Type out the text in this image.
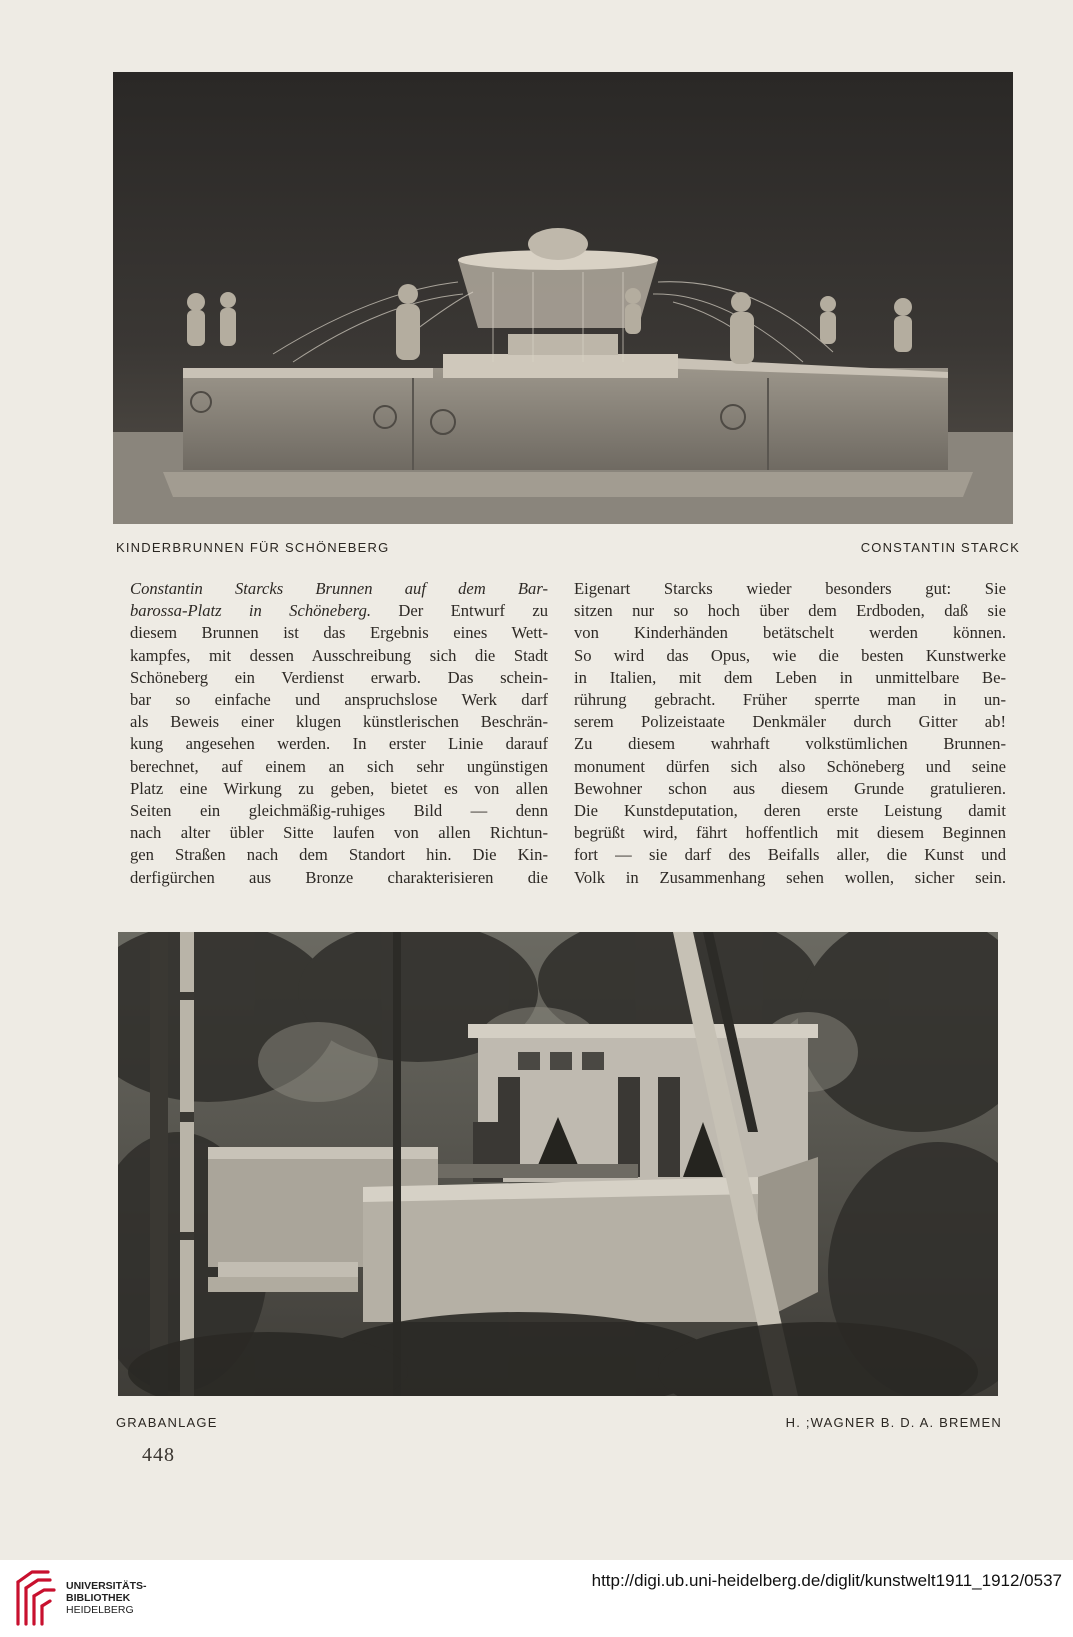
KINDERBRUNNEN FÜR SCHÖNEBERG	CONSTANTIN STARCK
Constantin Starcks Brunnen auf dem Bar-
barossa-Platz in Schöneberg. Der Entwurf zu
diesem Brunnen ist das Ergebnis eines Wett-
kampfes, mit dessen Ausschreibung sich die Stadt
Schöneberg ein Verdienst erwarb. Das schein-
bar so einfache und anspruchslose Werk darf
als Beweis einer klugen künstlerischen Beschrän-
kung angesehen werden. In erster Linie darauf
berechnet, auf einem an sich sehr ungünstigen
Platz eine Wirkung zu geben, bietet es von allen
Seiten ein gleichmäßig-ruhiges Bild — denn
nach alter übler Sitte laufen von allen Richtun-
gen Straßen nach dem Standort hin. Die Kin-
derfigürchen aus Bronze charakterisieren die
Eigenart Starcks wieder besonders gut: Sie
sitzen nur so hoch über dem Erdboden, daß sie
von Kinderhänden betätschelt werden können.
So wird das Opus, wie die besten Kunstwerke
in Italien, mit dem Leben in unmittelbare Be-
rührung gebracht. Früher sperrte man in un-
serem Polizeistaate Denkmäler durch Gitter ab!
Zu diesem wahrhaft volkstümlichen Brunnen-
monument dürfen sich also Schöneberg und seine
Bewohner schon aus diesem Grunde gratulieren.
Die Kunstdeputation, deren erste Leistung damit
begrüßt wird, fährt hoffentlich mit diesem Beginnen
fort — sie darf des Beifalls aller, die Kunst und
Volk in Zusammenhang sehen wollen, sicher sein.
GRABANLAGE	H. ;WAGNER B. D. A. BREMEN
448
UNIVERSITÄTS-
BIBLIOTHEK
HEIDELBERG
http://digi.ub.uni-heidelberg.de/diglit/kunstwelt1911_1912/0537
